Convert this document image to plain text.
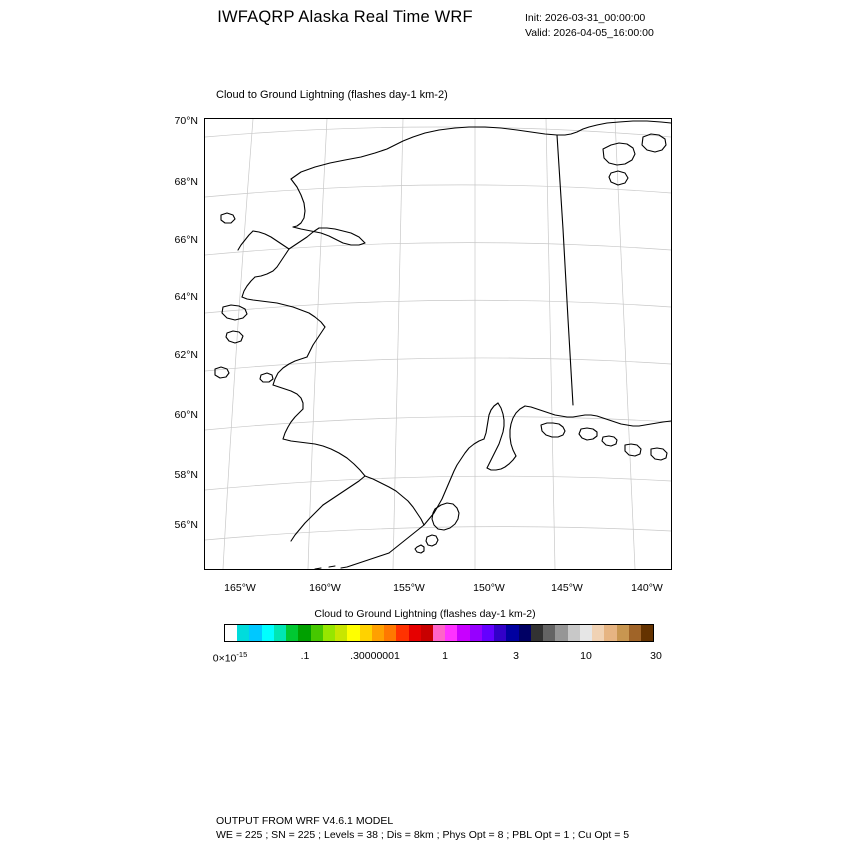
IWFAQRP Alaska Real Time WRF	Init: 2026-03-31_00:00:00
Valid: 2026-04-05_16:00:00
Cloud to Ground Lightning (flashes day-1 km-2)
70°N
68°N
66°N
64°N
62°N
60°N
58°N
56°N
165°W	160°W	155°W	150°W	145°W	140°W
Cloud to Ground Lightning (flashes day-1 km-2)
$0\times 10^{-15}$	.1	.30000001	1	3	10	30
OUTPUT FROM WRF V4.6.1 MODEL
WE = 225 ; SN = 225 ; Levels = 38 ; Dis = 8km ; Phys Opt = 8 ; PBL Opt = 1 ; Cu Opt = 5
